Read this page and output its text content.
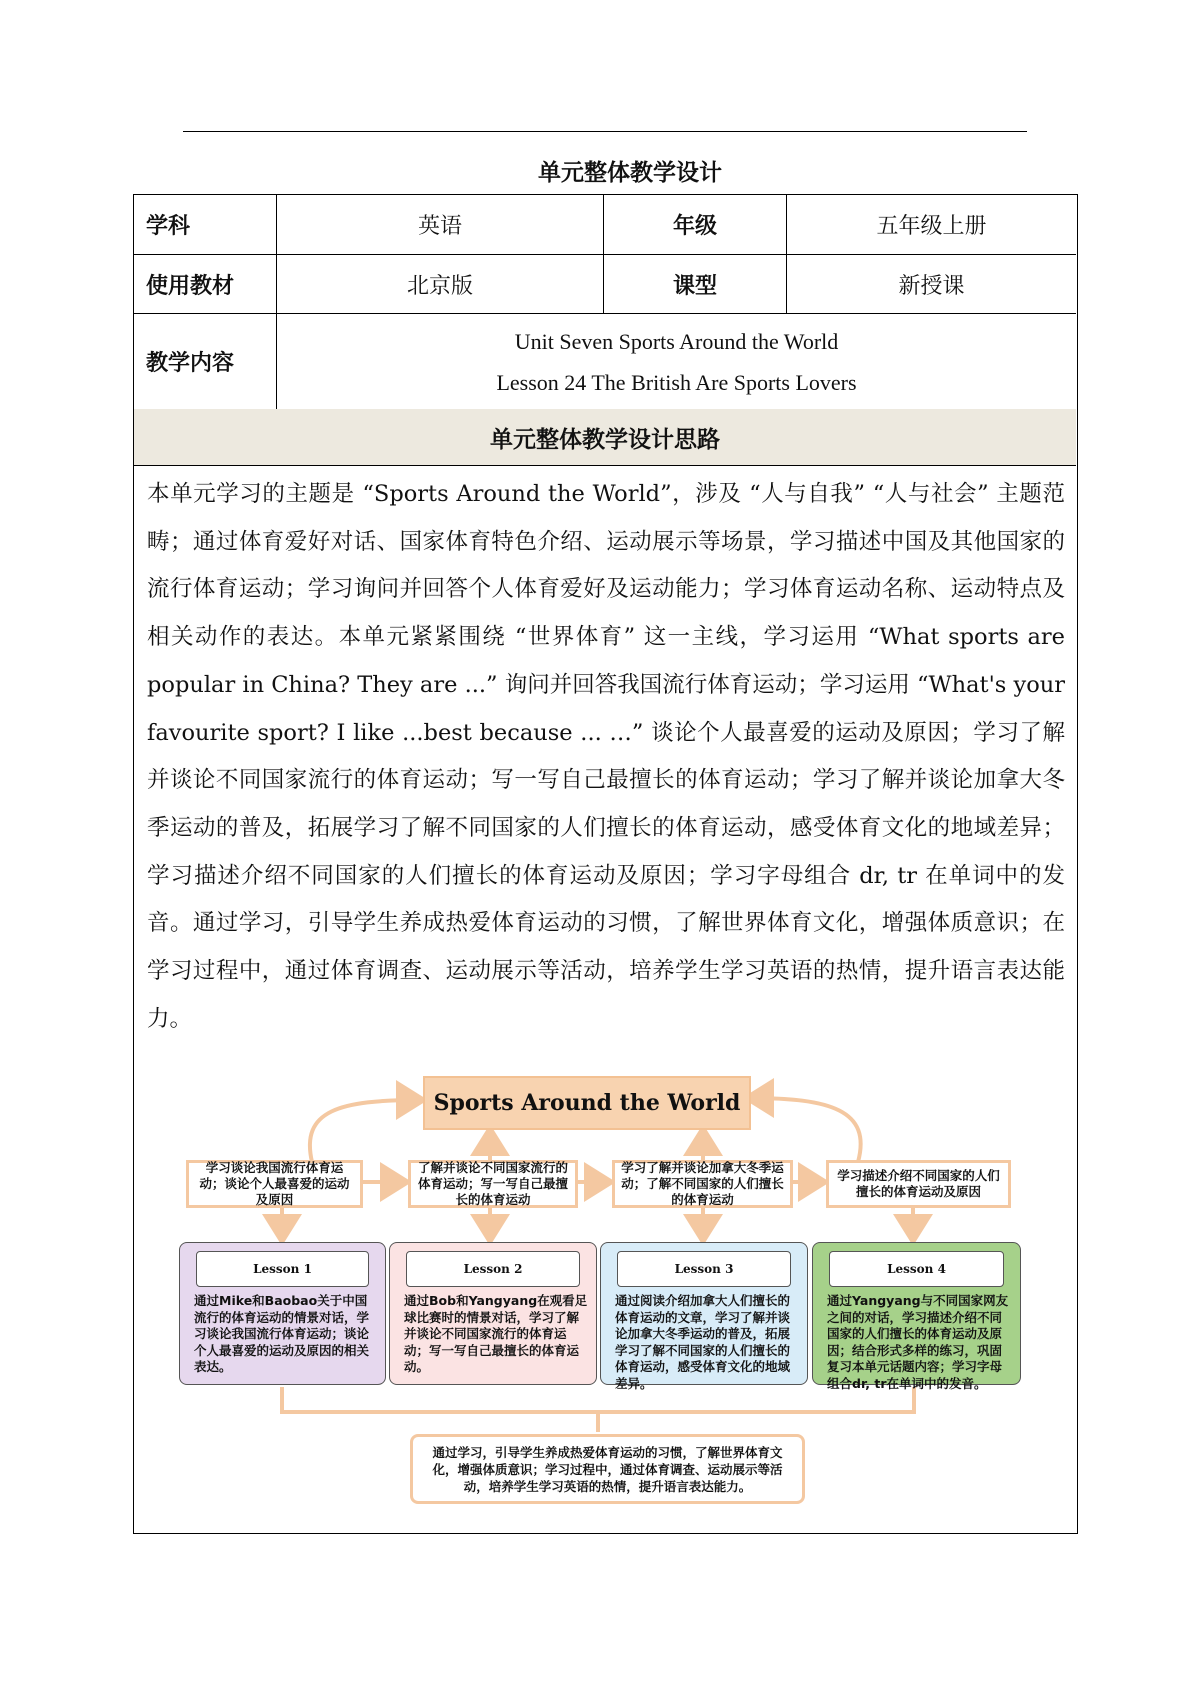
单元整体教学设计
学科	英语	年级	五年级上册
使用教材	北京版	课型	新授课
教学内容
Unit Seven Sports Around the World
Lesson 24 The British Are Sports Lovers
单元整体教学设计思路
本单元学习的主题是 “Sports Around the World”，涉及 “人与自我” “人与社会” 主题范畴；通过体育爱好对话、国家体育特色介绍、运动展示等场景，学习描述中国及其他国家的流行体育运动；学习询问并回答个人体育爱好及运动能力；学习体育运动名称、运动特点及相关动作的表达。本单元紧紧围绕 “世界体育” 这一主线，学习运用 “What sports are popular in China? They are ...” 询问并回答我国流行体育运动；学习运用 “What's your favourite sport? I like ...best because ... …” 谈论个人最喜爱的运动及原因；学习了解并谈论不同国家流行的体育运动；写一写自己最擅长的体育运动；学习了解并谈论加拿大冬季运动的普及，拓展学习了解不同国家的人们擅长的体育运动，感受体育文化的地域差异；学习描述介绍不同国家的人们擅长的体育运动及原因；学习字母组合 dr, tr 在单词中的发音。通过学习，引导学生养成热爱体育运动的习惯，了解世界体育文化，增强体质意识；在学习过程中，通过体育调查、运动展示等活动，培养学生学习英语的热情，提升语言表达能力。
Sports Around the World
学习谈论我国流行体育运动；谈论个人最喜爱的运动及原因
了解并谈论不同国家流行的体育运动；写一写自己最擅长的体育运动
学习了解并谈论加拿大冬季运动；了解不同国家的人们擅长的体育运动
学习描述介绍不同国家的人们擅长的体育运动及原因
Lesson 1
通过Mike和Baobao关于中国流行的体育运动的情景对话，学习谈论我国流行体育运动；谈论个人最喜爱的运动及原因的相关表达。
Lesson 2
通过Bob和Yangyang在观看足球比赛时的情景对话，学习了解并谈论不同国家流行的体育运动；写一写自己最擅长的体育运动。
Lesson 3
通过阅读介绍加拿大人们擅长的体育运动的文章，学习了解并谈论加拿大冬季运动的普及，拓展学习了解不同国家的人们擅长的体育运动，感受体育文化的地域差异。
Lesson 4
通过Yangyang与不同国家网友之间的对话，学习描述介绍不同国家的人们擅长的体育运动及原因；结合形式多样的练习，巩固复习本单元话题内容；学习字母组合dr, tr在单词中的发音。
通过学习，引导学生养成热爱体育运动的习惯，了解世界体育文化，增强体质意识；学习过程中，通过体育调查、运动展示等活动，培养学生学习英语的热情，提升语言表达能力。
